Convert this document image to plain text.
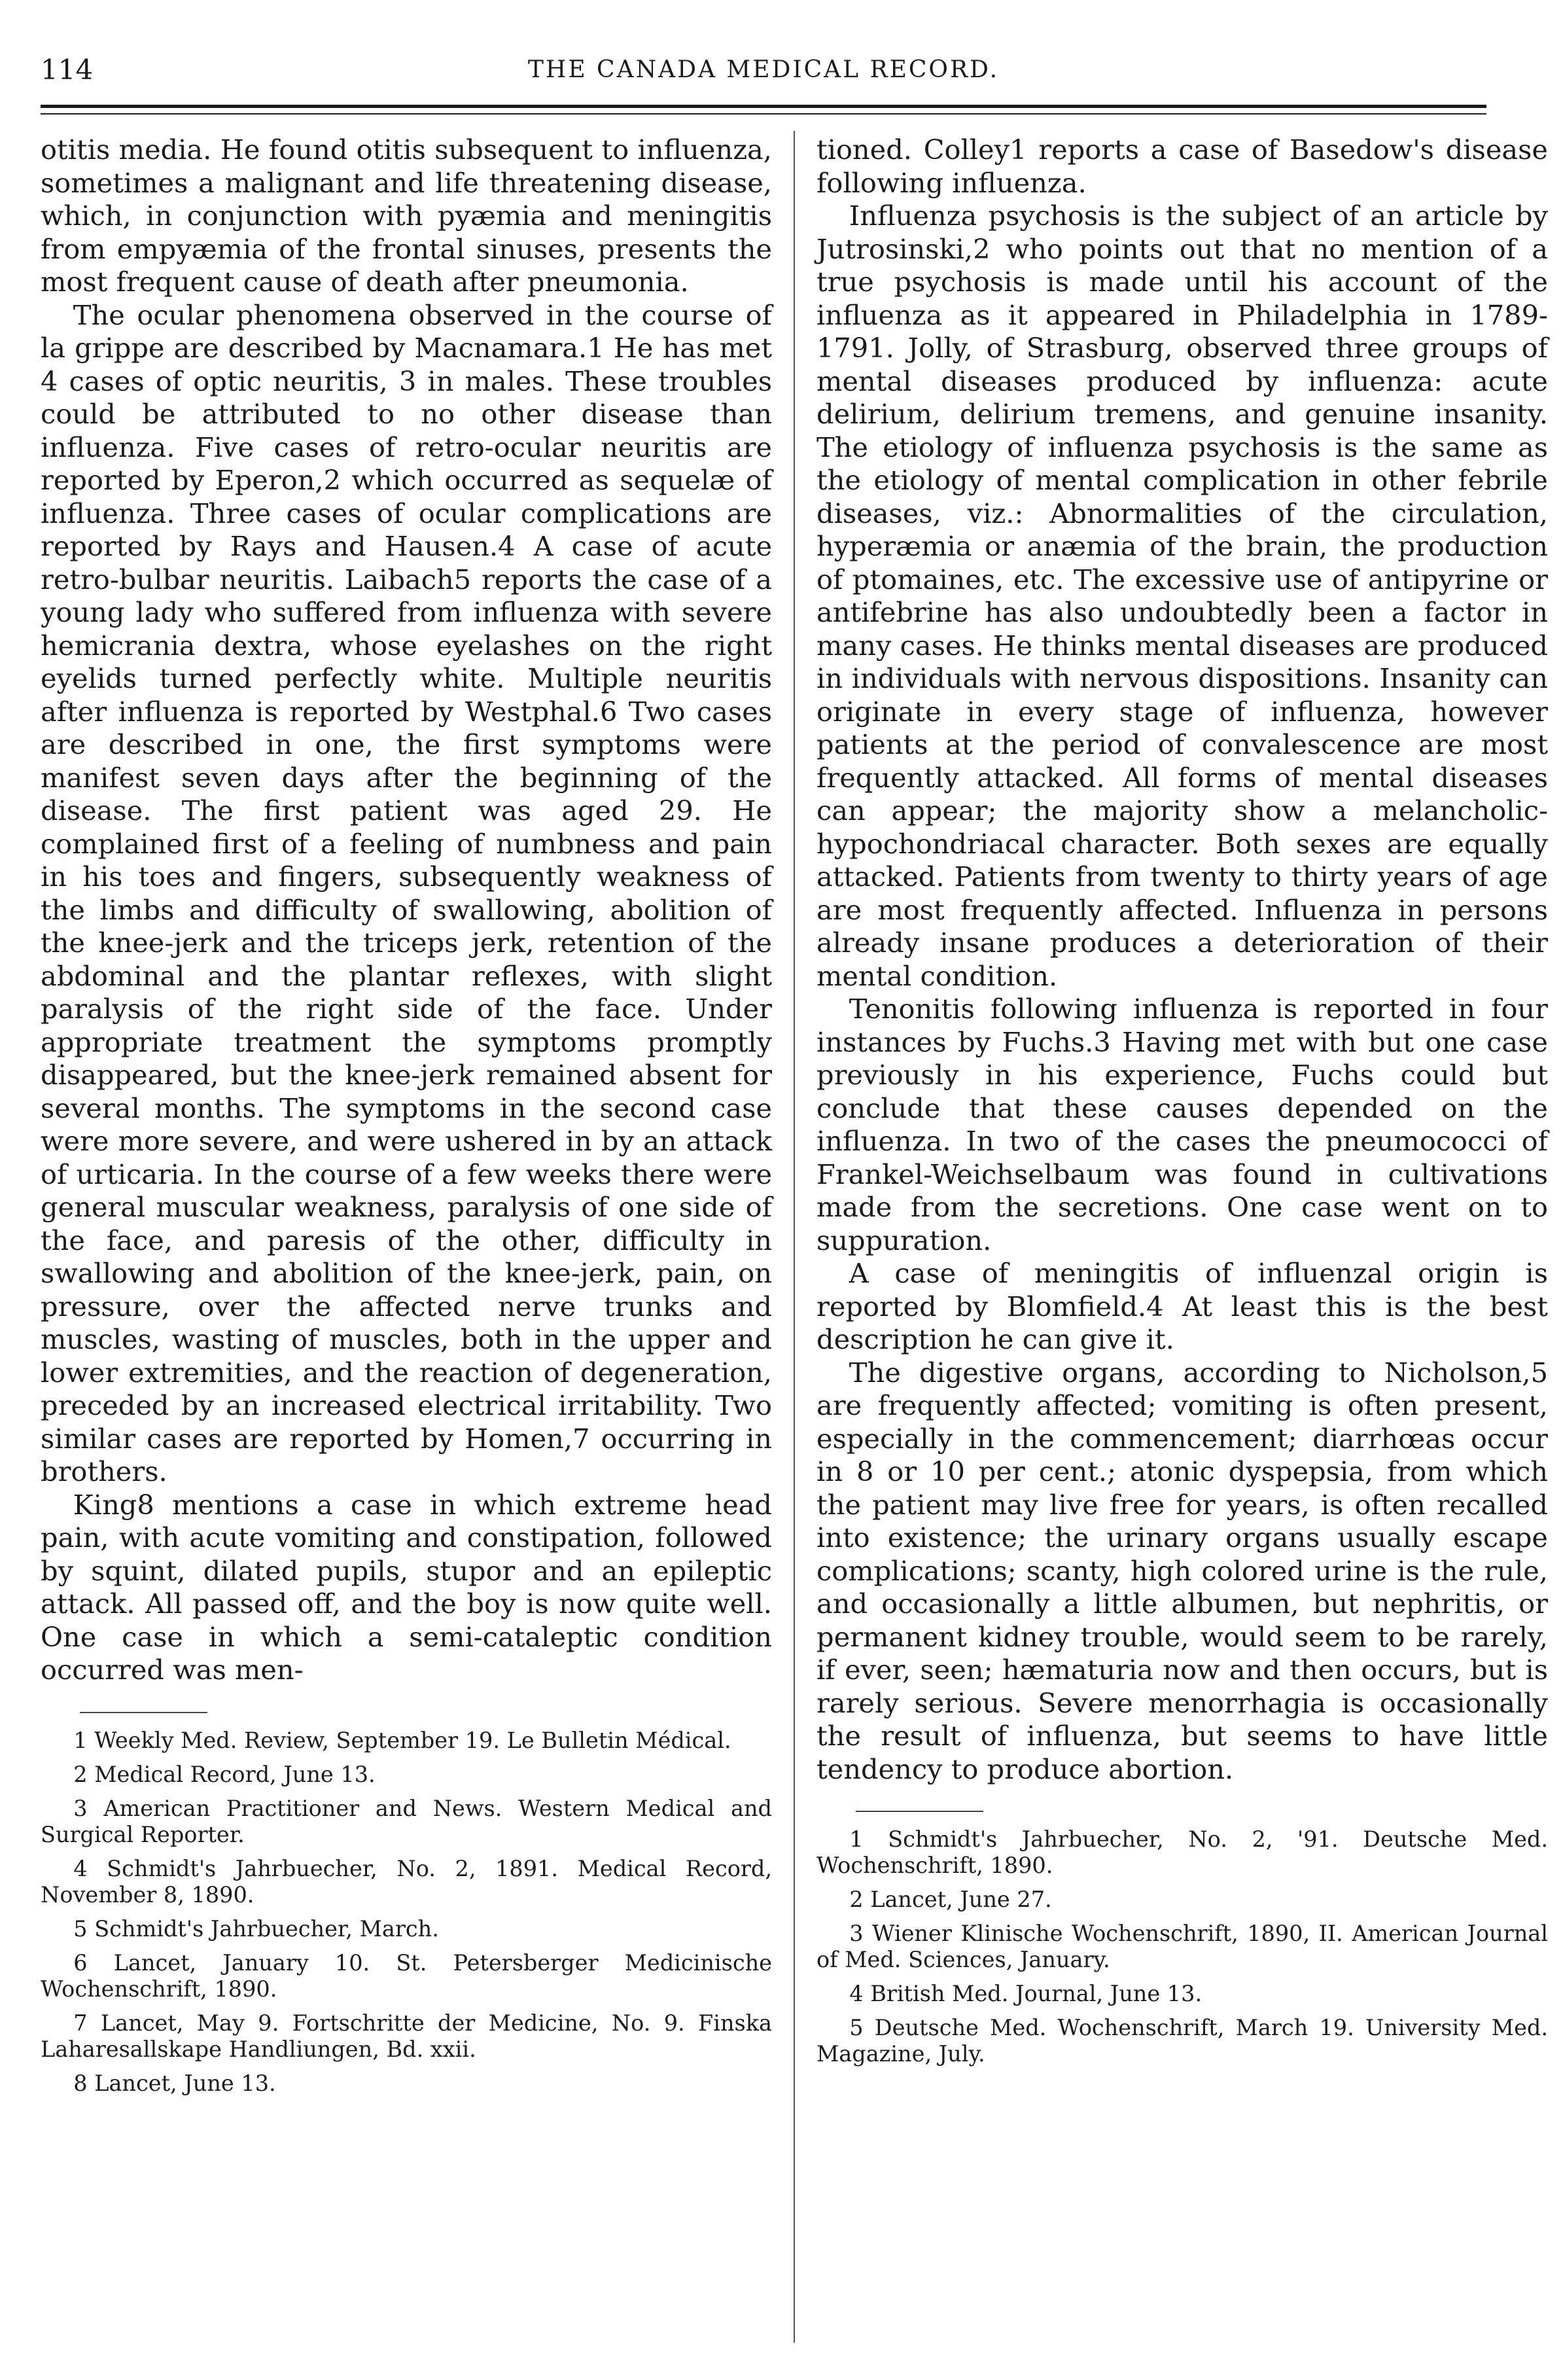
114	THE CANADA MEDICAL RECORD.

otitis media. He found otitis subsequent to influenza, sometimes a malignant and life threatening disease, which, in conjunction with pyæmia and meningitis from empyæmia of the frontal sinuses, presents the most frequent cause of death after pneumonia.

The ocular phenomena observed in the course of la grippe are described by Macnamara.1 He has met 4 cases of optic neuritis, 3 in males. These troubles could be attributed to no other disease than influenza. Five cases of retro-ocular neuritis are reported by Eperon,2 which occurred as sequelæ of influenza. Three cases of ocular complications are reported by Rays and Hausen.4 A case of acute retro-bulbar neuritis. Laibach5 reports the case of a young lady who suffered from influenza with severe hemicrania dextra, whose eyelashes on the right eyelids turned perfectly white. Multiple neuritis after influenza is reported by Westphal.6 Two cases are described in one, the first symptoms were manifest seven days after the beginning of the disease. The first patient was aged 29. He complained first of a feeling of numbness and pain in his toes and fingers, subsequently weakness of the limbs and difficulty of swallowing, abolition of the knee-jerk and the triceps jerk, retention of the abdominal and the plantar reflexes, with slight paralysis of the right side of the face. Under appropriate treatment the symptoms promptly disappeared, but the knee-jerk remained absent for several months. The symptoms in the second case were more severe, and were ushered in by an attack of urticaria. In the course of a few weeks there were general muscular weakness, paralysis of one side of the face, and paresis of the other, difficulty in swallowing and abolition of the knee-jerk, pain, on pressure, over the affected nerve trunks and muscles, wasting of muscles, both in the upper and lower extremities, and the reaction of degeneration, preceded by an increased electrical irritability. Two similar cases are reported by Homen,7 occurring in brothers.

King8 mentions a case in which extreme head pain, with acute vomiting and constipation, followed by squint, dilated pupils, stupor and an epileptic attack. All passed off, and the boy is now quite well. One case in which a semi-cataleptic condition occurred was men-

1 Weekly Med. Review, September 19. Le Bulletin Médical.

2 Medical Record, June 13.

3 American Practitioner and News. Western Medical and Surgical Reporter.

4 Schmidt's Jahrbuecher, No. 2, 1891. Medical Record, November 8, 1890.

5 Schmidt's Jahrbuecher, March.

6 Lancet, January 10. St. Petersberger Medicinische Wochenschrift, 1890.

7 Lancet, May 9. Fortschritte der Medicine, No. 9. Finska Laharesallskape Handliungen, Bd. xxii.

8 Lancet, June 13.

tioned. Colley1 reports a case of Basedow's disease following influenza.

Influenza psychosis is the subject of an article by Jutrosinski,2 who points out that no mention of a true psychosis is made until his account of the influenza as it appeared in Philadelphia in 1789-1791. Jolly, of Strasburg, observed three groups of mental diseases produced by influenza: acute delirium, delirium tremens, and genuine insanity. The etiology of influenza psychosis is the same as the etiology of mental complication in other febrile diseases, viz.: Abnormalities of the circulation, hyperæmia or anæmia of the brain, the production of ptomaines, etc. The excessive use of antipyrine or antifebrine has also undoubtedly been a factor in many cases. He thinks mental diseases are produced in individuals with nervous dispositions. Insanity can originate in every stage of influenza, however patients at the period of convalescence are most frequently attacked. All forms of mental diseases can appear; the majority show a melancholic-hypochondriacal character. Both sexes are equally attacked. Patients from twenty to thirty years of age are most frequently affected. Influenza in persons already insane produces a deterioration of their mental condition.

Tenonitis following influenza is reported in four instances by Fuchs.3 Having met with but one case previously in his experience, Fuchs could but conclude that these causes depended on the influenza. In two of the cases the pneumococci of Frankel-Weichselbaum was found in cultivations made from the secretions. One case went on to suppuration.

A case of meningitis of influenzal origin is reported by Blomfield.4 At least this is the best description he can give it.

The digestive organs, according to Nicholson,5 are frequently affected; vomiting is often present, especially in the commencement; diarrhœas occur in 8 or 10 per cent.; atonic dyspepsia, from which the patient may live free for years, is often recalled into existence; the urinary organs usually escape complications; scanty, high colored urine is the rule, and occasionally a little albumen, but nephritis, or permanent kidney trouble, would seem to be rarely, if ever, seen; hæmaturia now and then occurs, but is rarely serious. Severe menorrhagia is occasionally the result of influenza, but seems to have little tendency to produce abortion.

1 Schmidt's Jahrbuecher, No. 2, '91. Deutsche Med. Wochenschrift, 1890.

2 Lancet, June 27.

3 Wiener Klinische Wochenschrift, 1890, II. American Journal of Med. Sciences, January.

4 British Med. Journal, June 13.

5 Deutsche Med. Wochenschrift, March 19. University Med. Magazine, July.
